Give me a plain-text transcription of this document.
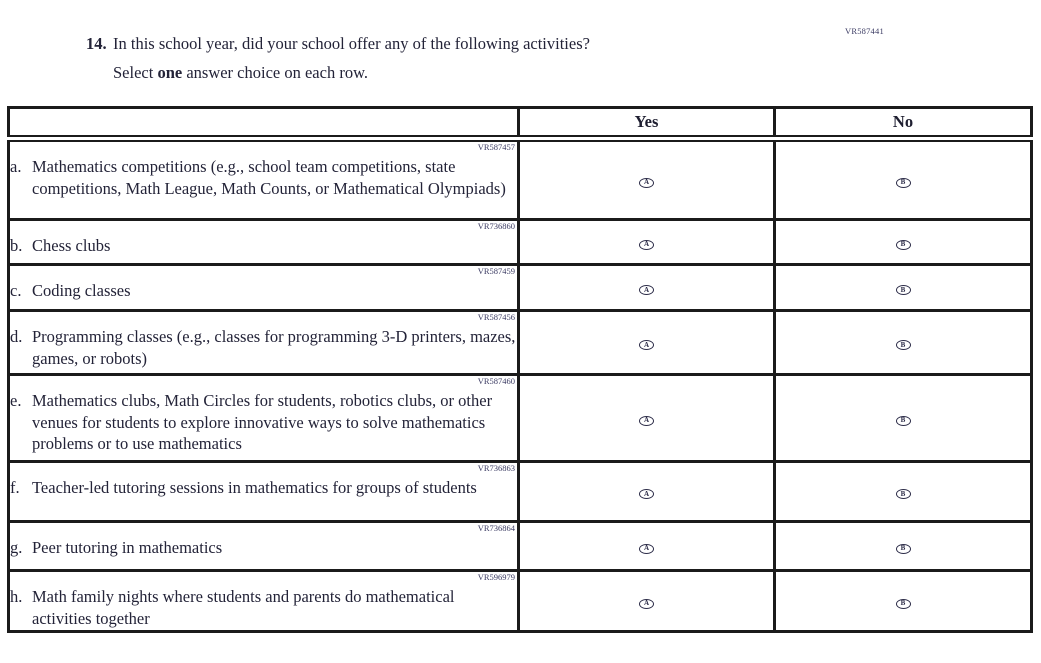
14. In this school year, did your school offer any of the following activities?
Select one answer choice on each row.
VR587441
	Yes	No

VR587457
a. Mathematics competitions (e.g., school team competitions, state competitions, Math League, Math Counts, or Mathematical Olympiads)	A	B

VR736860
b. Chess clubs	A	B

VR587459
c. Coding classes	A	B

VR587456
d. Programming classes (e.g., classes for programming 3-D printers, mazes, games, or robots)	A	B

VR587460
e. Mathematics clubs, Math Circles for students, robotics clubs, or other venues for students to explore innovative ways to solve mathematics problems or to use mathematics	A	B

VR736863
f. Teacher-led tutoring sessions in mathematics for groups of students	A	B

VR736864
g. Peer tutoring in mathematics	A	B

VR596979
h. Math family nights where students and parents do mathematical activities together	A	B
